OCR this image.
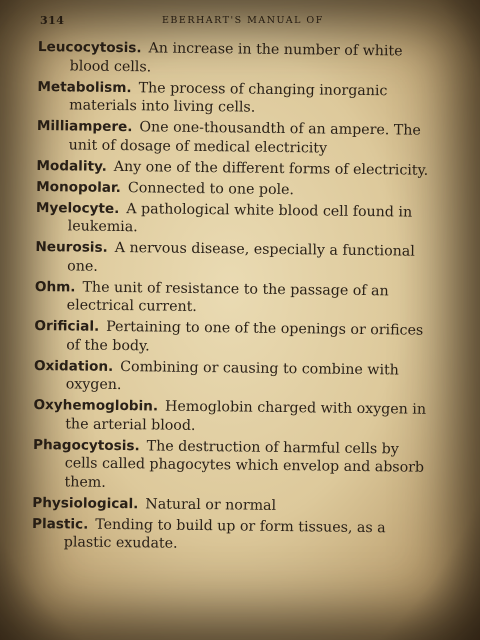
314	EBERHART'S MANUAL OF
Leucocytosis. An increase in the number of white blood cells.
Metabolism. The process of changing inorganic materials into living cells.
Milliampere. One one-thousandth of an ampere. The unit of dosage of medical electricity
Modality. Any one of the different forms of electricity.
Monopolar. Connected to one pole.
Myelocyte. A pathological white blood cell found in leukemia.
Neurosis. A nervous disease, especially a functional one.
Ohm. The unit of resistance to the passage of an electrical current.
Orificial. Pertaining to one of the openings or orifices of the body.
Oxidation. Combining or causing to combine with oxygen.
Oxyhemoglobin. Hemoglobin charged with oxygen in the arterial blood.
Phagocytosis. The destruction of harmful cells by cells called phagocytes which envelop and absorb them.
Physiological. Natural or normal
Plastic. Tending to build up or form tissues, as a plastic exudate.
